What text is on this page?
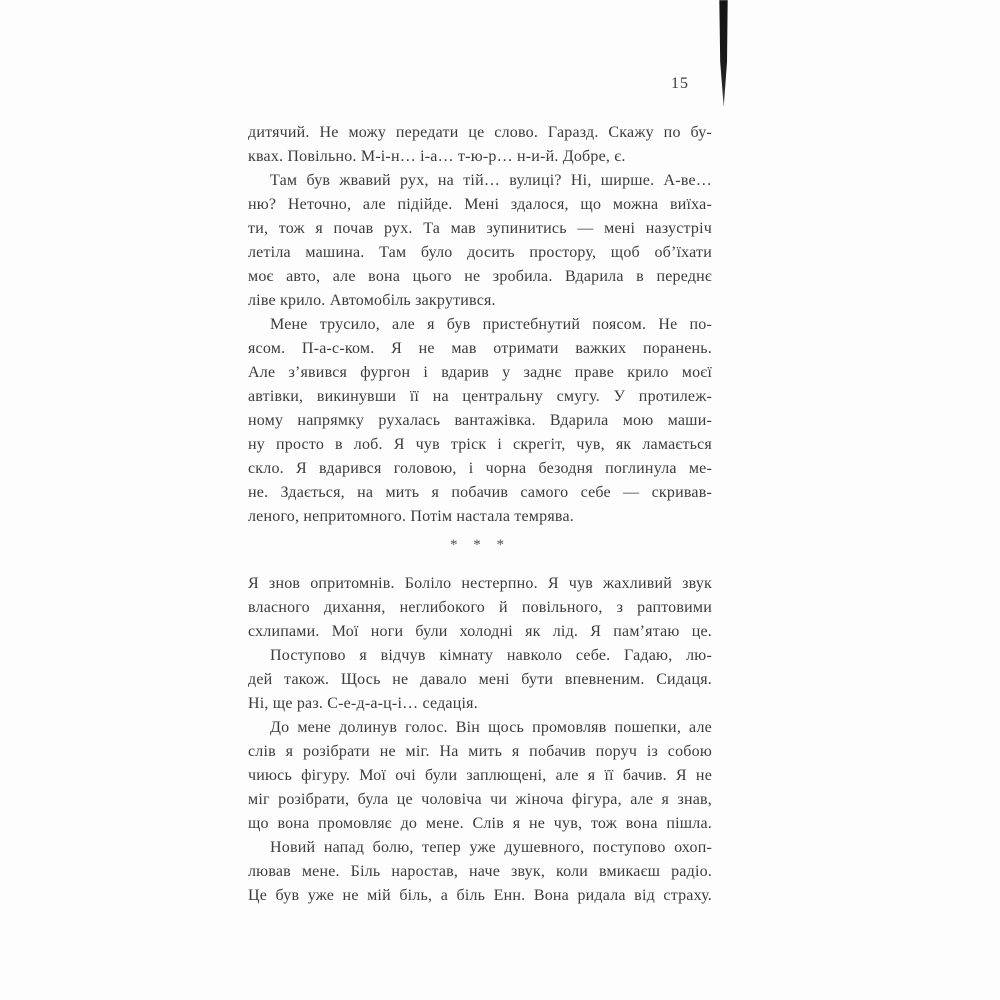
15
дитячий. Не можу передати це слово. Гаразд. Скажу по бу-
квах. Повільно. М-і-н… і-а… т-ю-р… н-и-й. Добре, є.
Там був жвавий рух, на тій… вулиці? Ні, ширше. А-ве…
ню? Неточно, але підійде. Мені здалося, що можна виїха-
ти, тож я почав рух. Та мав зупинитись — мені назустріч
летіла машина. Там було досить простору, щоб об’їхати
моє авто, але вона цього не зробила. Вдарила в переднє
ліве крило. Автомобіль закрутився.
Мене трусило, але я був пристебнутий поясом. Не по-
ясом. П-а-с-ком. Я не мав отримати важких поранень.
Але з’явився фургон і вдарив у заднє праве крило моєї
автівки, викинувши її на центральну смугу. У протилеж-
ному напрямку рухалась вантажівка. Вдарила мою маши-
ну просто в лоб. Я чув тріск і скрегіт, чув, як ламається
скло. Я вдарився головою, і чорна безодня поглинула ме-
не. Здається, на мить я побачив самого себе — скривав-
леного, непритомного. Потім настала темрява.
* * *
Я знов опритомнів. Боліло нестерпно. Я чув жахливий звук
власного дихання, неглибокого й повільного, з раптовими
схлипами. Мої ноги були холодні як лід. Я пам’ятаю це.
Поступово я відчув кімнату навколо себе. Гадаю, лю-
дей також. Щось не давало мені бути впевненим. Сидаця.
Ні, ще раз. С-е-д-а-ц-і… седація.
До мене долинув голос. Він щось промовляв пошепки, але
слів я розібрати не міг. На мить я побачив поруч із собою
чиюсь фігуру. Мої очі були заплющені, але я її бачив. Я не
міг розібрати, була це чоловіча чи жіноча фігура, але я знав,
що вона промовляє до мене. Слів я не чув, тож вона пішла.
Новий напад болю, тепер уже душевного, поступово охоп-
лював мене. Біль наростав, наче звук, коли вмикаєш радіо.
Це був уже не мій біль, а біль Енн. Вона ридала від страху.
